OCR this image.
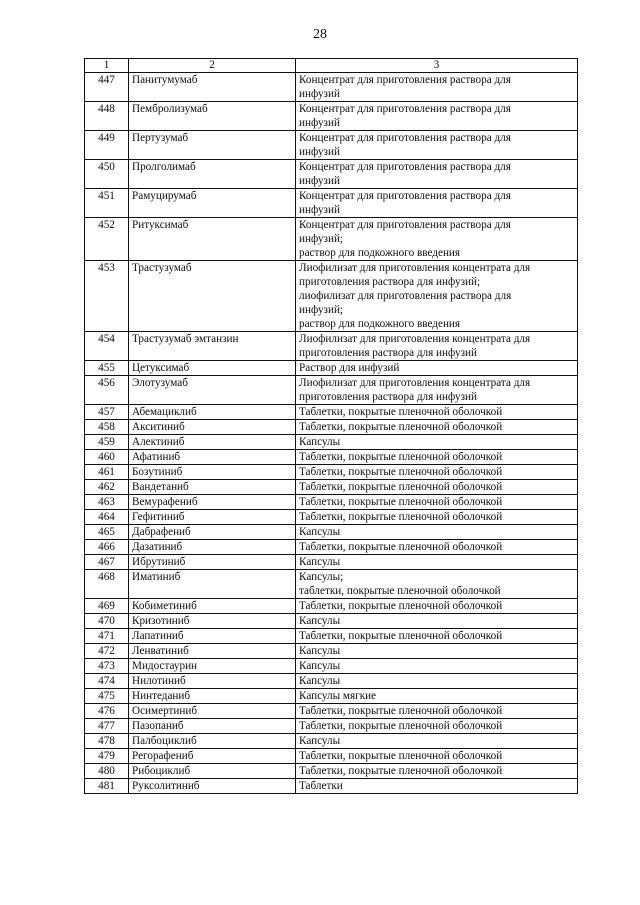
28
1	2	3
447	Панитумумаб	Концентрат для приготовления раствора для
инфузий

448	Пембролизумаб	Концентрат для приготовления раствора для
инфузий

449	Пертузумаб	Концентрат для приготовления раствора для
инфузий

450	Пролголимаб	Концентрат для приготовления раствора для
инфузий

451	Рамуцирумаб	Концентрат для приготовления раствора для
инфузий

452	Ритуксимаб	Концентрат для приготовления раствора для
инфузий;
раствор для подкожного введения

453	Трастузумаб	Лиофилизат для приготовления концентрата для
приготовления раствора для инфузий;
лиофилизат для приготовления раствора для
инфузий;
раствор для подкожного введения

454	Трастузумаб эмтанзин	Лиофилизат для приготовления концентрата для
приготовления раствора для инфузий

455	Цетуксимаб	Раствор для инфузий

456	Элотузумаб	Лиофилизат для приготовления концентрата для
приготовления раствора для инфузий

457	Абемациклиб	Таблетки, покрытые пленочной оболочкой

458	Акситиниб	Таблетки, покрытые пленочной оболочкой

459	Алектиниб	Капсулы

460	Афатиниб	Таблетки, покрытые пленочной оболочкой

461	Бозутиниб	Таблетки, покрытые пленочной оболочкой

462	Вандетаниб	Таблетки, покрытые пленочной оболочкой

463	Вемурафениб	Таблетки, покрытые пленочной оболочкой

464	Гефитиниб	Таблетки, покрытые пленочной оболочкой

465	Дабрафениб	Капсулы

466	Дазатиниб	Таблетки, покрытые пленочной оболочкой

467	Ибрутиниб	Капсулы

468	Иматиниб	Капсулы;
таблетки, покрытые пленочной оболочкой

469	Кобиметиниб	Таблетки, покрытые пленочной оболочкой

470	Кризотиниб	Капсулы

471	Лапатиниб	Таблетки, покрытые пленочной оболочкой

472	Ленватиниб	Капсулы

473	Мидостаурин	Капсулы

474	Нилотиниб	Капсулы

475	Нинтеданиб	Капсулы мягкие

476	Осимертиниб	Таблетки, покрытые пленочной оболочкой

477	Пазопаниб	Таблетки, покрытые пленочной оболочкой

478	Палбоциклиб	Капсулы

479	Регорафениб	Таблетки, покрытые пленочной оболочкой

480	Рибоциклиб	Таблетки, покрытые пленочной оболочкой

481	Руксолитиниб	Таблетки
